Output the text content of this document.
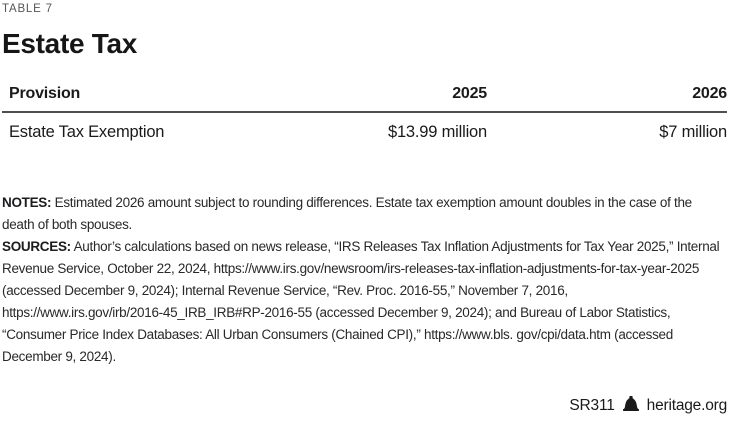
TABLE 7
Estate Tax
Provision	2025	2026
Estate Tax Exemption	$13.99 million	$7 million

NOTES: Estimated 2026 amount subject to rounding differences. Estate tax exemption amount doubles in the case of the death of both spouses.

SOURCES: Author’s calculations based on news release, “IRS Releases Tax Inflation Adjustments for Tax Year 2025,” Internal Revenue Service, October 22, 2024, https://www.irs.gov/newsroom/irs-releases-tax-inflation-adjustments-for-tax-year-2025 (accessed December 9, 2024); Internal Revenue Service, “Rev. Proc. 2016-55,” November 7, 2016, https://www.irs.gov/irb/2016-45_IRB_IRB#RP-2016-55 (accessed December 9, 2024); and Bureau of Labor Statistics, “Consumer Price Index Databases: All Urban Consumers (Chained CPI),” https://www.bls. gov/cpi/data.htm (accessed December 9, 2024).

SR311 heritage.org
